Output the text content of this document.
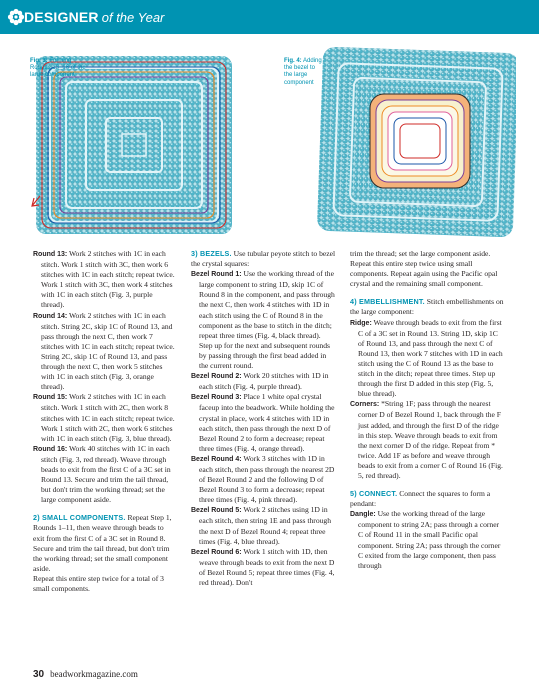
DESIGNER of the Year
Fig. 3: Forming Rounds 13–16 of the large component
Fig. 4: Adding the bezel to the large component
Round 13: Work 2 stitches with 1C in each stitch. Work 1 stitch with 3C, then work 6 stitches with 1C in each stitch; repeat twice. Work 1 stitch with 3C, then work 4 stitches with 1C in each stitch (Fig. 3, purple thread).
Round 14: Work 2 stitches with 1C in each stitch. String 2C, skip 1C of Round 13, and pass through the next C, then work 7 stitches with 1C in each stitch; repeat twice. String 2C, skip 1C of Round 13, and pass through the next C, then work 5 stitches with 1C in each stitch (Fig. 3, orange thread).
Round 15: Work 2 stitches with 1C in each stitch. Work 1 stitch with 2C, then work 8 stitches with 1C in each stitch; repeat twice. Work 1 stitch with 2C, then work 6 stitches with 1C in each stitch (Fig. 3, blue thread).
Round 16: Work 40 stitches with 1C in each stitch (Fig. 3, red thread). Weave through beads to exit from the first C of a 3C set in Round 13. Secure and trim the tail thread, but don't trim the working thread; set the large component aside.
2) SMALL COMPONENTS. Repeat Step 1, Rounds 1–11, then weave through beads to exit from the first C of a 3C set in Round 8. Secure and trim the tail thread, but don't trim the working thread; set the small component aside.
Repeat this entire step twice for a total of 3 small components.
3) BEZELS. Use tubular peyote stitch to bezel the crystal squares:
Bezel Round 1: Use the working thread of the large component to string 1D, skip 1C of Round 8 in the component, and pass through the next C, then work 4 stitches with 1D in each stitch using the C of Round 8 in the component as the base to stitch in the ditch; repeat three times (Fig. 4, black thread). Step up for the next and subsequent rounds by passing through the first bead added in the current round.
Bezel Round 2: Work 20 stitches with 1D in each stitch (Fig. 4, purple thread).
Bezel Round 3: Place 1 white opal crystal faceup into the beadwork. While holding the crystal in place, work 4 stitches with 1D in each stitch, then pass through the next D of Bezel Round 2 to form a decrease; repeat three times (Fig. 4, orange thread).
Bezel Round 4: Work 3 stitches with 1D in each stitch, then pass through the nearest 2D of Bezel Round 2 and the following D of Bezel Round 3 to form a decrease; repeat three times (Fig. 4, pink thread).
Bezel Round 5: Work 2 stitches using 1D in each stitch, then string 1E and pass through the next D of Bezel Round 4; repeat three times (Fig. 4, blue thread).
Bezel Round 6: Work 1 stitch with 1D, then weave through beads to exit from the next D of Bezel Round 5; repeat three times (Fig. 4, red thread). Don't
trim the thread; set the large component aside.
Repeat this entire step twice using small components. Repeat again using the Pacific opal crystal and the remaining small component.
4) EMBELLISHMENT. Stitch embellishments on the large component:
Ridge: Weave through beads to exit from the first C of a 3C set in Round 13. String 1D, skip 1C of Round 13, and pass through the next C of Round 13, then work 7 stitches with 1D in each stitch using the C of Round 13 as the base to stitch in the ditch; repeat three times. Step up through the first D added in this step (Fig. 5, blue thread).
Corners: *String 1F; pass through the nearest corner D of Bezel Round 1, back through the F just added, and through the first D of the ridge in this step. Weave through beads to exit from the next corner D of the ridge. Repeat from * twice. Add 1F as before and weave through beads to exit from a corner C of Round 16 (Fig. 5, red thread).
5) CONNECT. Connect the squares to form a pendant:
Dangle: Use the working thread of the large component to string 2A; pass through a corner C of Round 11 in the small Pacific opal component. String 2A; pass through the corner C exited from the large component, then pass through
30 beadworkmagazine.com
